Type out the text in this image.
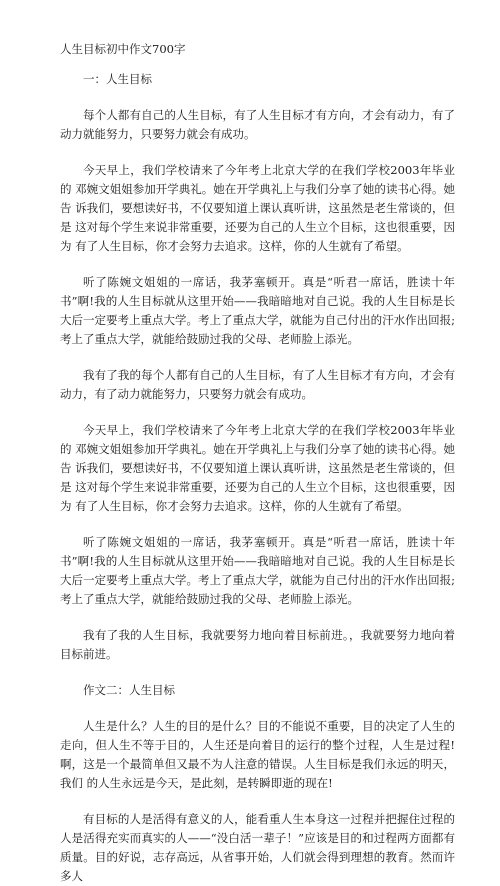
人生目标初中作文700字
一：人生目标

每个人都有自己的人生目标，有了人生目标才有方向，才会有动力，有了 动力就能努力，只要努力就会有成功。

今天早上，我们学校请来了今年考上北京大学的在我们学校2003年毕业的 邓婉文姐姐参加开学典礼。她在开学典礼上与我们分享了她的读书心得。她告 诉我们，要想读好书，不仅要知道上课认真听讲，这虽然是老生常谈的，但是 这对每个学生来说非常重要，还要为自己的人生立个目标，这也很重要，因为 有了人生目标，你才会努力去追求。这样，你的人生就有了希望。

听了陈婉文姐姐的一席话，我茅塞顿开。真是“听君一席话，胜读十年 书”啊!我的人生目标就从这里开始——我暗暗地对自己说。我的人生目标是长 大后一定要考上重点大学。考上了重点大学，就能为自己付出的汗水作出回报; 考上了重点大学，就能给鼓励过我的父母、老师脸上添光。

我有了我的每个人都有自己的人生目标，有了人生目标才有方向，才会有 动力，有了动力就能努力，只要努力就会有成功。

今天早上，我们学校请来了今年考上北京大学的在我们学校2003年毕业的 邓婉文姐姐参加开学典礼。她在开学典礼上与我们分享了她的读书心得。她告 诉我们，要想读好书，不仅要知道上课认真听讲，这虽然是老生常谈的，但是 这对每个学生来说非常重要，还要为自己的人生立个目标，这也很重要，因为 有了人生目标，你才会努力去追求。这样，你的人生就有了希望。

听了陈婉文姐姐的一席话，我茅塞顿开。真是“听君一席话，胜读十年 书”啊!我的人生目标就从这里开始——我暗暗地对自己说。我的人生目标是长 大后一定要考上重点大学。考上了重点大学，就能为自己付出的汗水作出回报; 考上了重点大学，就能给鼓励过我的父母、老师脸上添光。

我有了我的人生目标，我就要努力地向着目标前进。，我就要努力地向着 目标前进。

作文二：人生目标

人生是什么？人生的目的是什么？目的不能说不重要，目的决定了人生的走向，但人生不等于目的，人生还是向着目的运行的整个过程，人生是过程!啊，这是一个最简单但又最不为人注意的错误。人生目标是我们永远的明天，我们 的人生永远是今天，是此刻，是转瞬即逝的现在!

有目标的人是活得有意义的人，能看重人生本身这一过程并把握住过程的 人是活得充实而真实的人——“没白活一辈子！”应该是目的和过程两方面都有 质量。目的好说，志存高远，从省事开始，人们就会得到理想的教育。然而许多人
